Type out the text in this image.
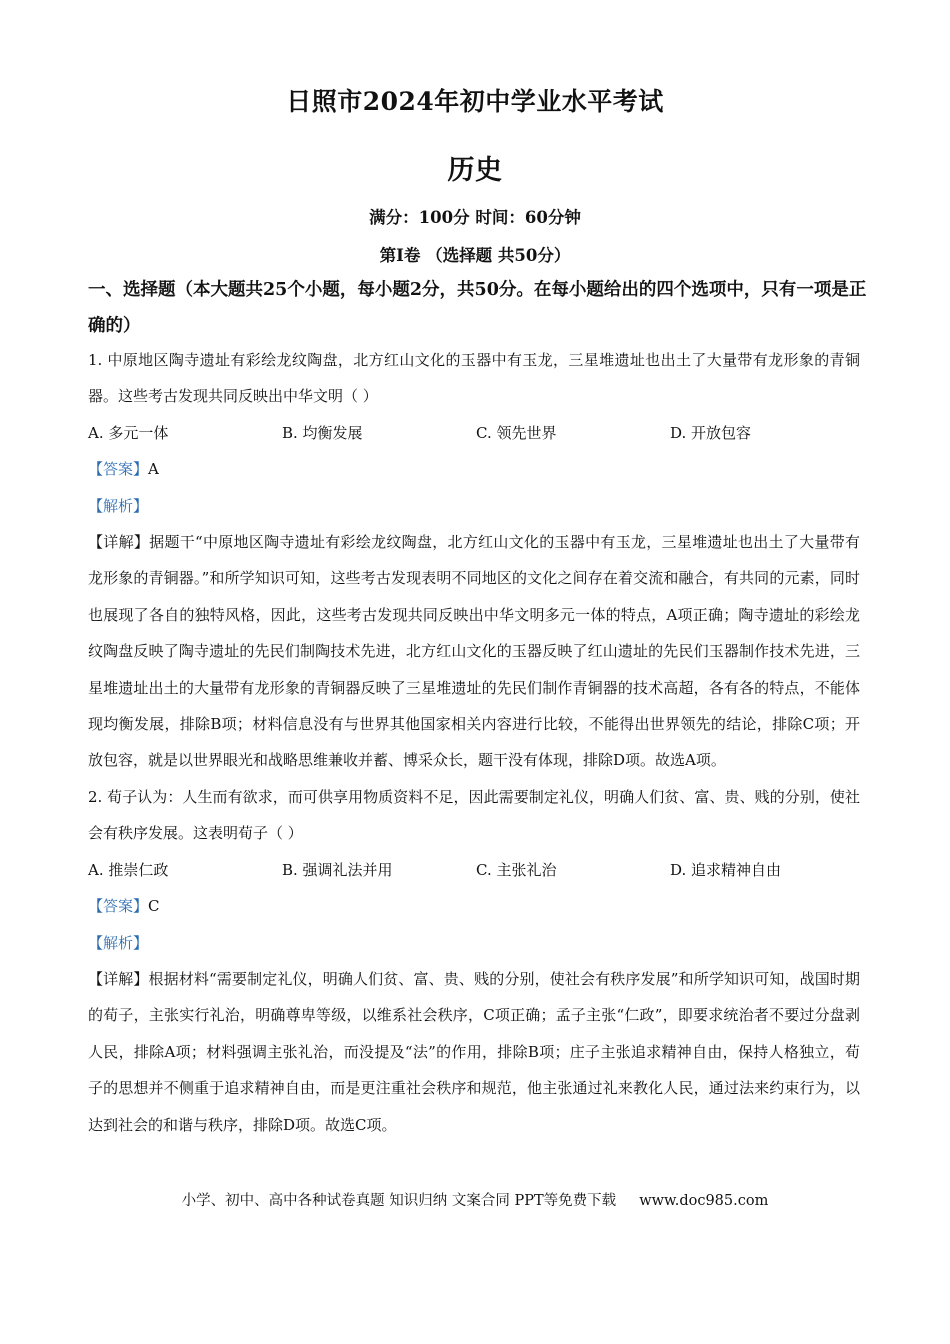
日照市2024年初中学业水平考试
历史
满分：100分 时间：60分钟
第Ⅰ卷 （选择题 共50分）
一、选择题（本大题共25个小题，每小题2分，共50分。在每小题给出的四个选项中，只有一项是正确的）

1. 中原地区陶寺遗址有彩绘龙纹陶盘，北方红山文化的玉器中有玉龙，三星堆遗址也出土了大量带有龙形象的青铜器。这些考古发现共同反映出中华文明（ ）

A. 多元一体	B. 均衡发展	C. 领先世界	D. 开放包容

【答案】A

【解析】

【详解】据题干“中原地区陶寺遗址有彩绘龙纹陶盘，北方红山文化的玉器中有玉龙，三星堆遗址也出土了大量带有龙形象的青铜器。”和所学知识可知，这些考古发现表明不同地区的文化之间存在着交流和融合，有共同的元素，同时也展现了各自的独特风格，因此，这些考古发现共同反映出中华文明多元一体的特点，A项正确；陶寺遗址的彩绘龙纹陶盘反映了陶寺遗址的先民们制陶技术先进，北方红山文化的玉器反映了红山遗址的先民们玉器制作技术先进，三星堆遗址出土的大量带有龙形象的青铜器反映了三星堆遗址的先民们制作青铜器的技术高超，各有各的特点，不能体现均衡发展，排除B项；材料信息没有与世界其他国家相关内容进行比较，不能得出世界领先的结论，排除C项；开放包容，就是以世界眼光和战略思维兼收并蓄、博采众长，题干没有体现，排除D项。故选A项。

2. 荀子认为：人生而有欲求，而可供享用物质资料不足，因此需要制定礼仪，明确人们贫、富、贵、贱的分别，使社会有秩序发展。这表明荀子（ ）

A. 推崇仁政	B. 强调礼法并用	C. 主张礼治	D. 追求精神自由

【答案】C

【解析】

【详解】根据材料“需要制定礼仪，明确人们贫、富、贵、贱的分别，使社会有秩序发展”和所学知识可知，战国时期的荀子，主张实行礼治，明确尊卑等级，以维系社会秩序，C项正确；孟子主张“仁政”，即要求统治者不要过分盘剥人民，排除A项；材料强调主张礼治，而没提及“法”的作用，排除B项；庄子主张追求精神自由，保持人格独立，荀子的思想并不侧重于追求精神自由，而是更注重社会秩序和规范，他主张通过礼来教化人民，通过法来约束行为，以达到社会的和谐与秩序，排除D项。故选C项。

小学、初中、高中各种试卷真题 知识归纳 文案合同 PPT等免费下载 www.doc985.com
